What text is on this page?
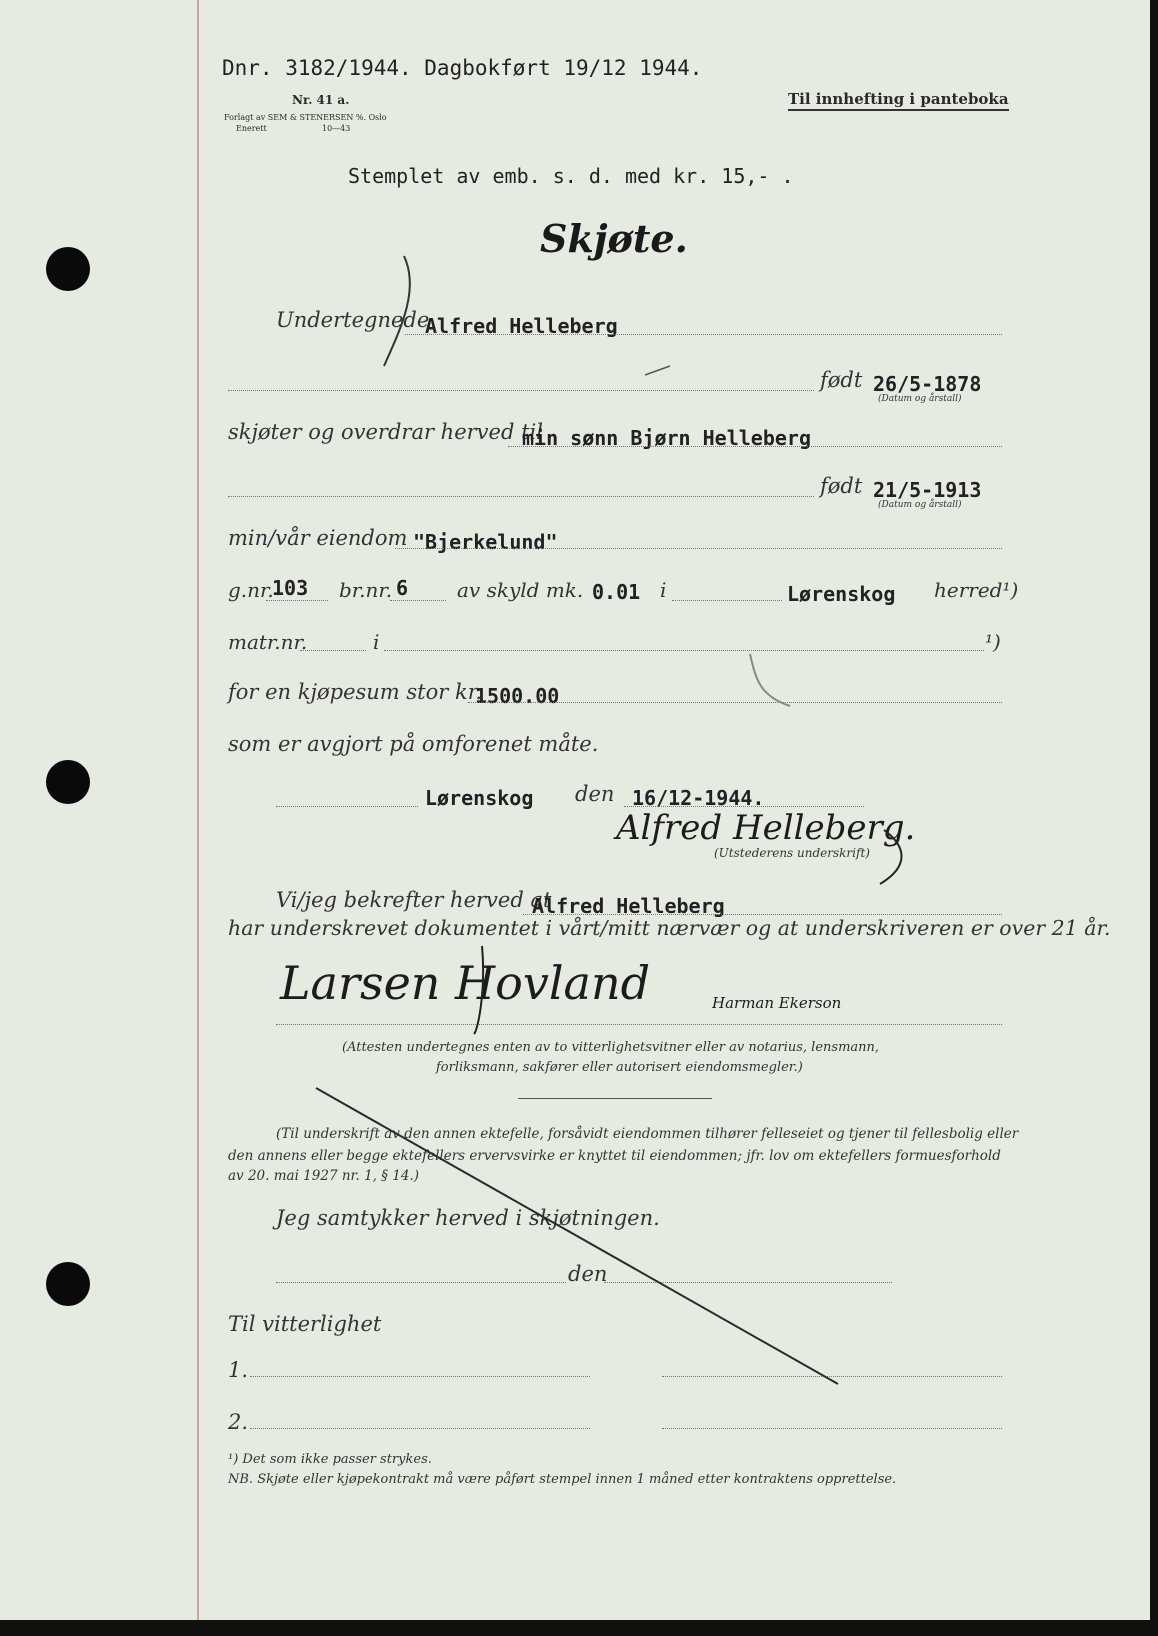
Dnr. 3182/1944. Dagbokført 19/12 1944.
Til innhefting i panteboka
Nr. 41 a.
Forlagt av SEM & STENERSEN %. Oslo
Enerett	10—43
Stemplet av emb. s. d. med kr. 15,- .
Skjøte.
Undertegnede
Alfred Helleberg
født 26/5-1878
(Datum og årstall)
skjøter og overdrar herved til
min sønn Bjørn Helleberg
født 21/5-1913
(Datum og årstall)
min/vår eiendom "Bjerkelund"
g.nr.
103 br.nr. 6 av skyld mk. 0.01 i	Lørenskog herred¹)
matr.nr.	i	¹)
for en kjøpesum stor kr.
1500.00
som er avgjort på omforenet måte.
Lørenskog den 16/12-1944.
Alfred Helleberg.
(Utstederens underskrift)
Vi/jeg bekrefter herved at
Alfred Helleberg
har underskrevet dokumentet i vårt/mitt nærvær og at underskriveren er over 21 år.
Larsen Hovland	Harman Ekerson
(Attesten undertegnes enten av to vitterlighetsvitner eller av notarius, lensmann,
forliksmann, sakfører eller autorisert eiendomsmegler.)
(Til underskrift av den annen ektefelle, forsåvidt eiendommen tilhører felleseiet og tjener til fellesbolig eller
den annens eller begge ektefellers ervervsvirke er knyttet til eiendommen; jfr. lov om ektefellers formuesforhold
av 20. mai 1927 nr. 1, § 14.)
Jeg samtykker herved i skjøtningen.
den
Til vitterlighet
1.
2.
¹) Det som ikke passer strykes.
NB. Skjøte eller kjøpekontrakt må være påført stempel innen 1 måned etter kontraktens opprettelse.
